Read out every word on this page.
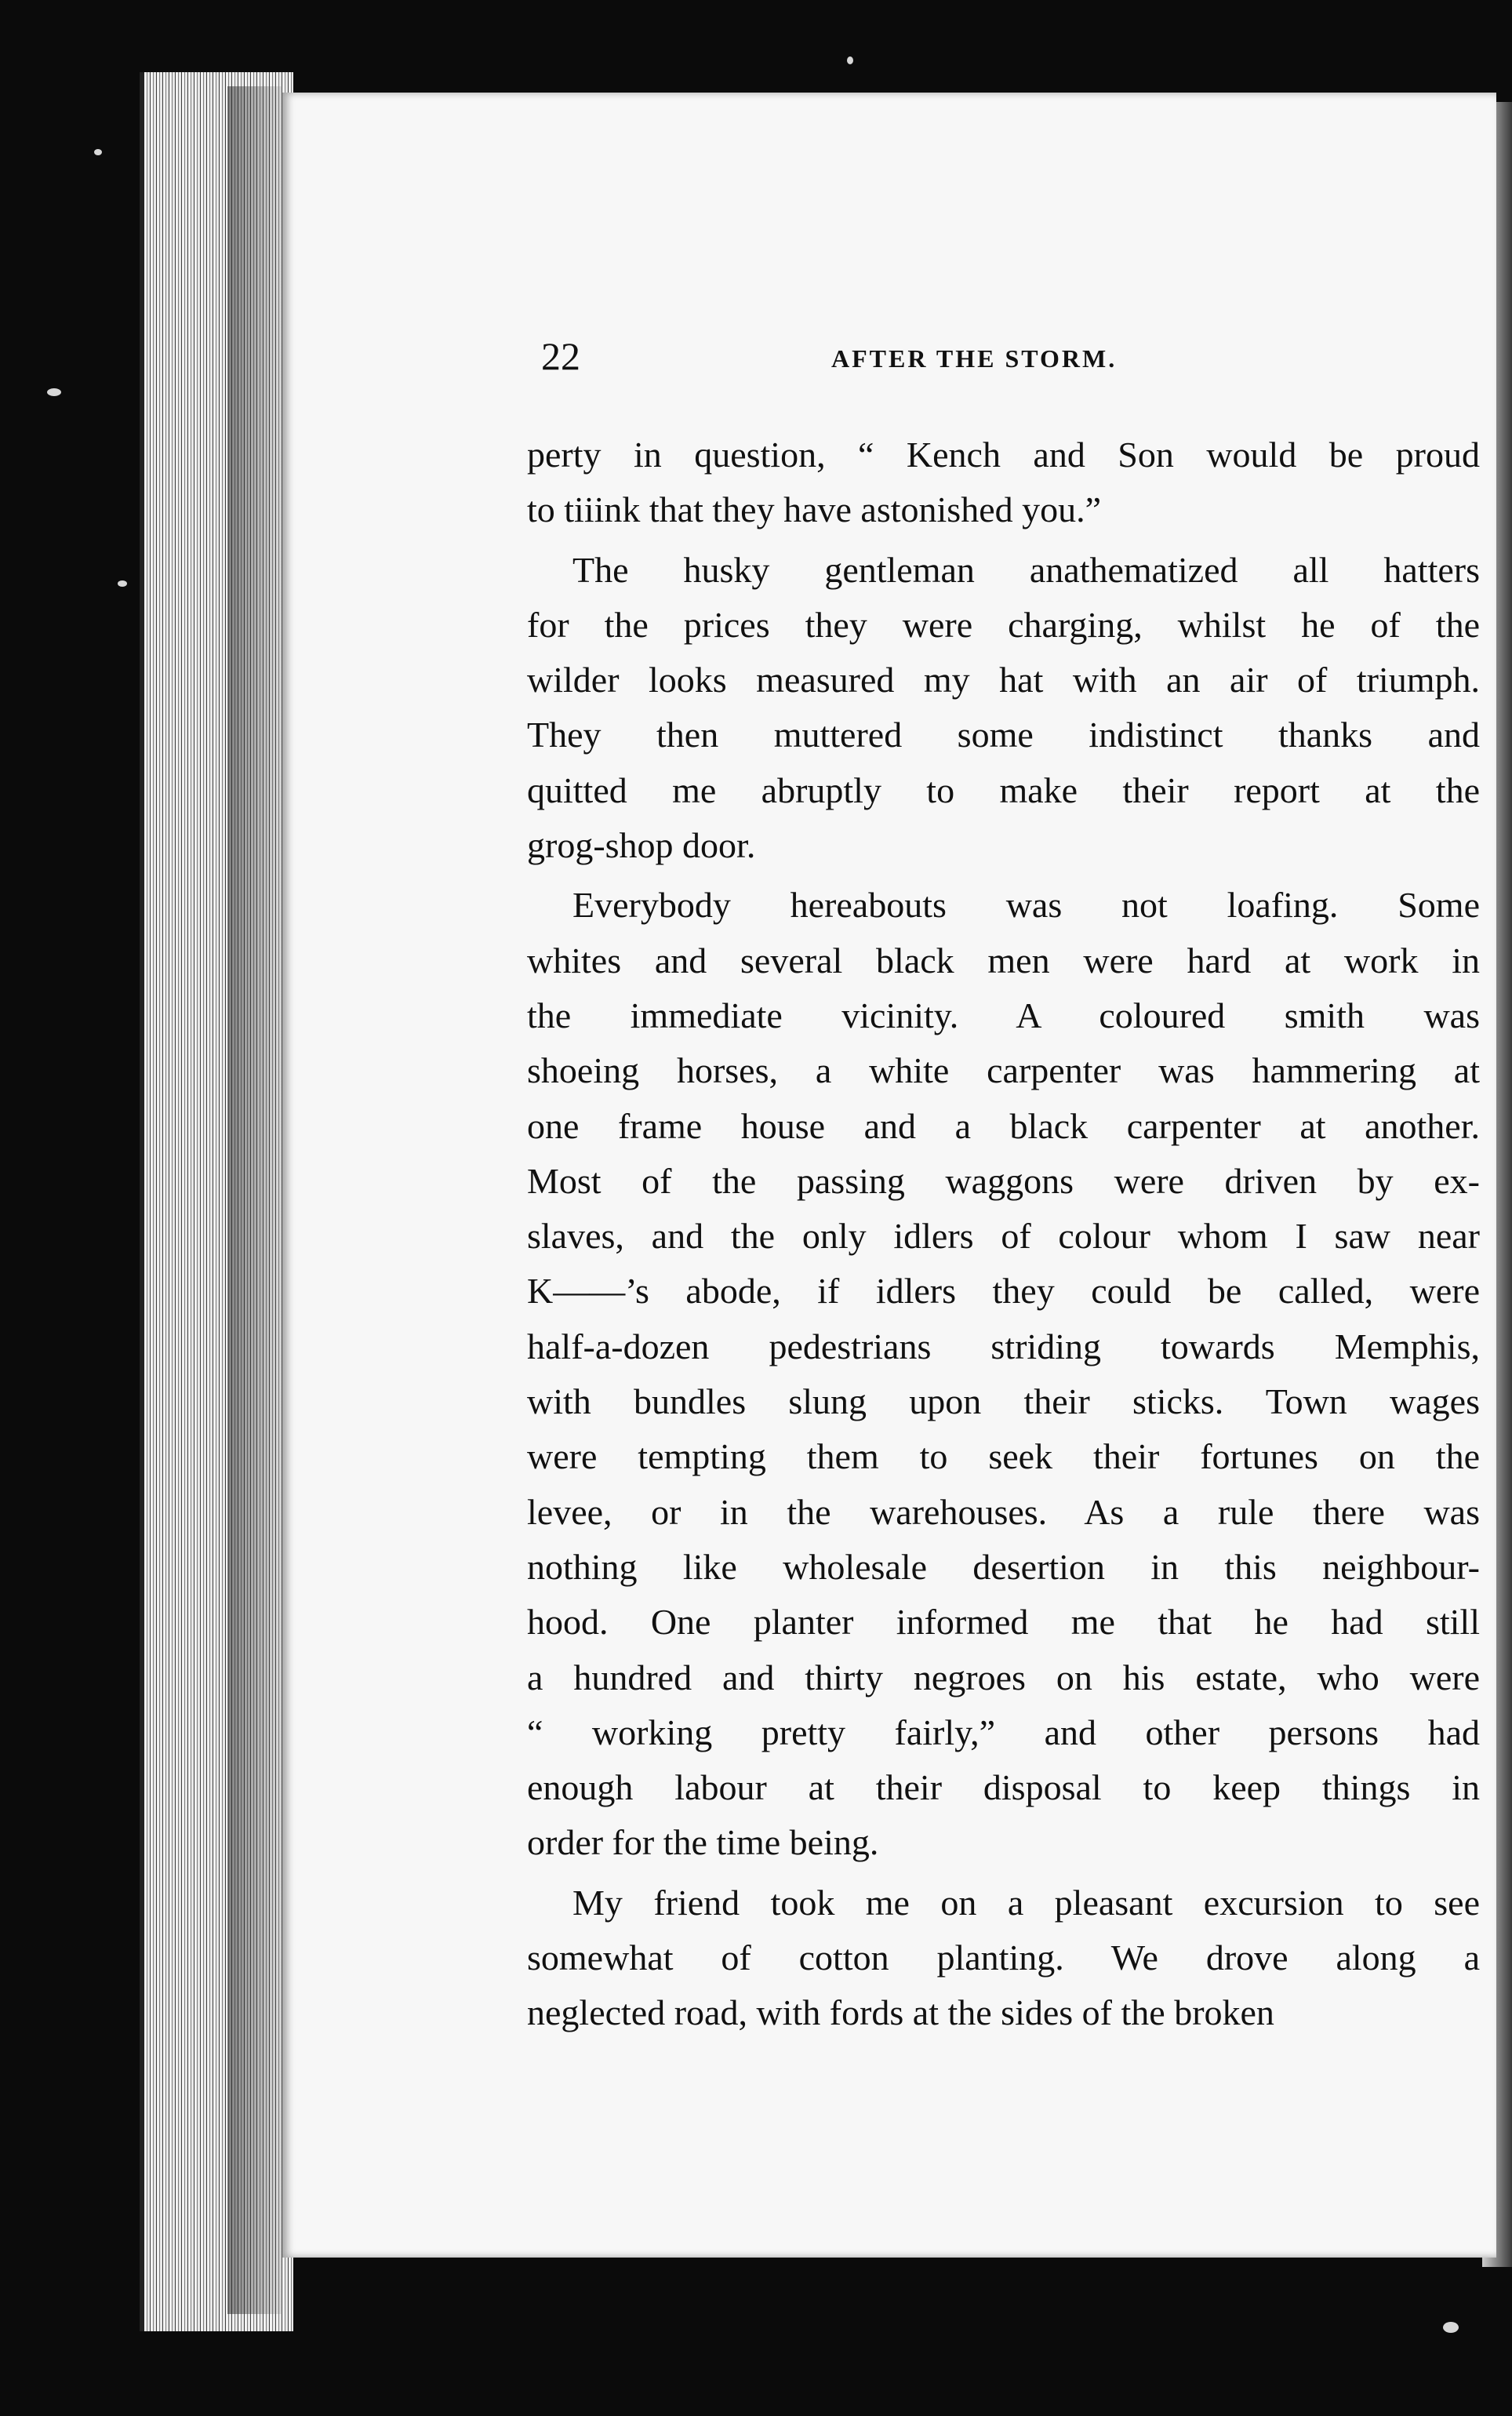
22	AFTER THE STORM.
perty in question, “ Kench and Son would be proud
to tiiink that they have astonished you.”
The husky gentleman anathematized all hatters
for the prices they were charging, whilst he of the
wilder looks measured my hat with an air of triumph.
They then muttered some indistinct thanks and
quitted me abruptly to make their report at the
grog-shop door.
Everybody hereabouts was not loafing. Some
whites and several black men were hard at work in
the immediate vicinity. A coloured smith was
shoeing horses, a white carpenter was hammering at
one frame house and a black carpenter at another.
Most of the passing waggons were driven by ex-
slaves, and the only idlers of colour whom I saw near
K——’s abode, if idlers they could be called, were
half-a-dozen pedestrians striding towards Memphis,
with bundles slung upon their sticks. Town wages
were tempting them to seek their fortunes on the
levee, or in the warehouses. As a rule there was
nothing like wholesale desertion in this neighbour-
hood. One planter informed me that he had still
a hundred and thirty negroes on his estate, who were
“ working pretty fairly,” and other persons had
enough labour at their disposal to keep things in
order for the time being.
My friend took me on a pleasant excursion to see
somewhat of cotton planting. We drove along a
neglected road, with fords at the sides of the broken
